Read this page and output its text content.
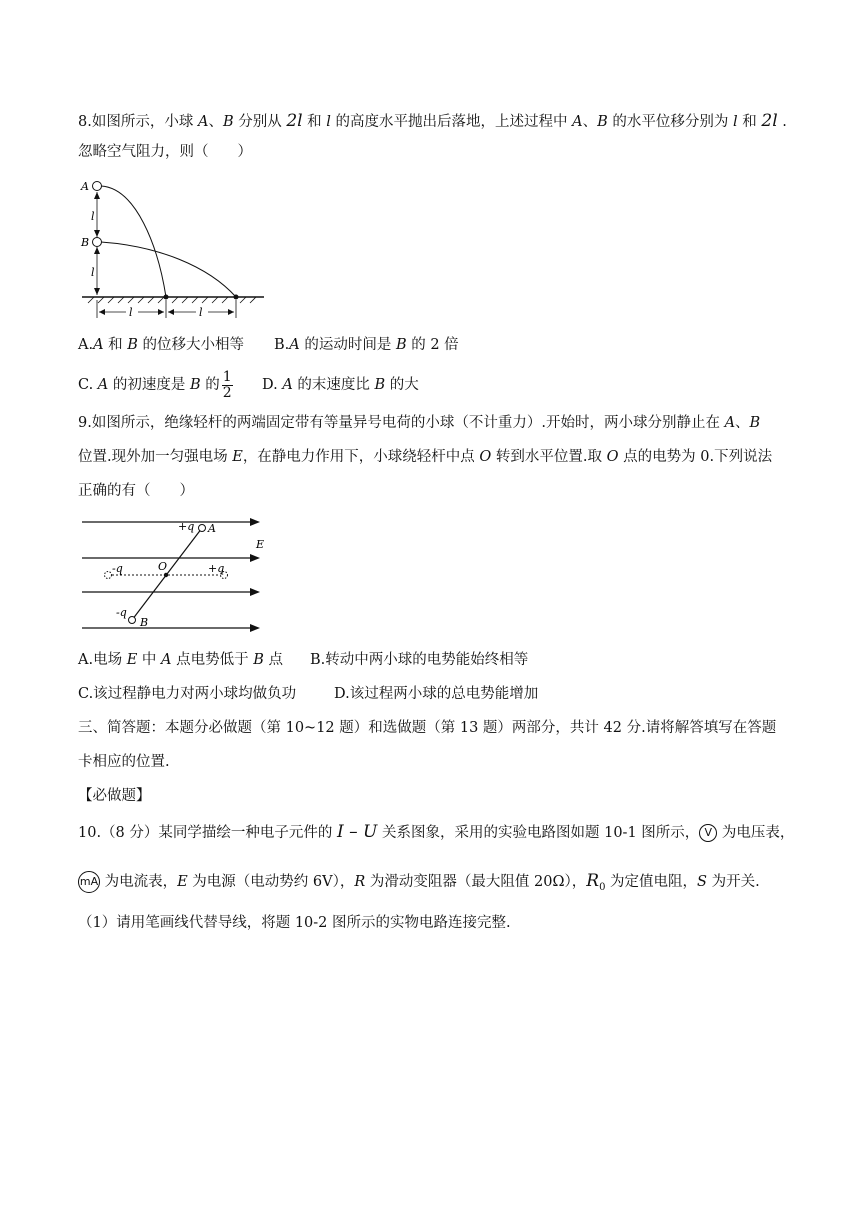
8.如图所示，小球 A、B 分别从 2l 和 l 的高度水平抛出后落地，上述过程中 A、B 的水平位移分别为 l 和 2l .
忽略空气阻力，则（　　）
l
l
A
B
l	l
A.A 和 B 的位移大小相等 B.A 的运动时间是 B 的 2 倍
C. A 的初速度是 B 的 $\frac{1}{2} D$. A 的末速度比 B 的大
9.如图所示，绝缘轻杆的两端固定带有等量异号电荷的小球（不计重力）.开始时，两小球分别静止在 A、B
位置.现外加一匀强电场 E，在静电力作用下，小球绕轻杆中点 O 转到水平位置.取 O 点的电势为 0.下列说法
正确的有（　　）
+q A
E
-q	O	+q
-q
B
A.电场 E 中 A 点电势低于 B 点 B.转动中两小球的电势能始终相等
C.该过程静电力对两小球均做负功	D.该过程两小球的总电势能增加
三、简答题：本题分必做题（第 10~12 题）和选做题（第 13 题）两部分，共计 42 分.请将解答填写在答题
卡相应的位置.
【必做题】
10.（8 分）某同学描绘一种电子元件的 I – U 关系图象，采用的实验电路图如题 10-1 图所示， V 为电压表，
mA 为电流表，E 为电源（电动势约 6V），R 为滑动变阻器（最大阻值 20Ω），$R_0$ 为定值电阻，S 为开关.
（1）请用笔画线代替导线，将题 10-2 图所示的实物电路连接完整.
